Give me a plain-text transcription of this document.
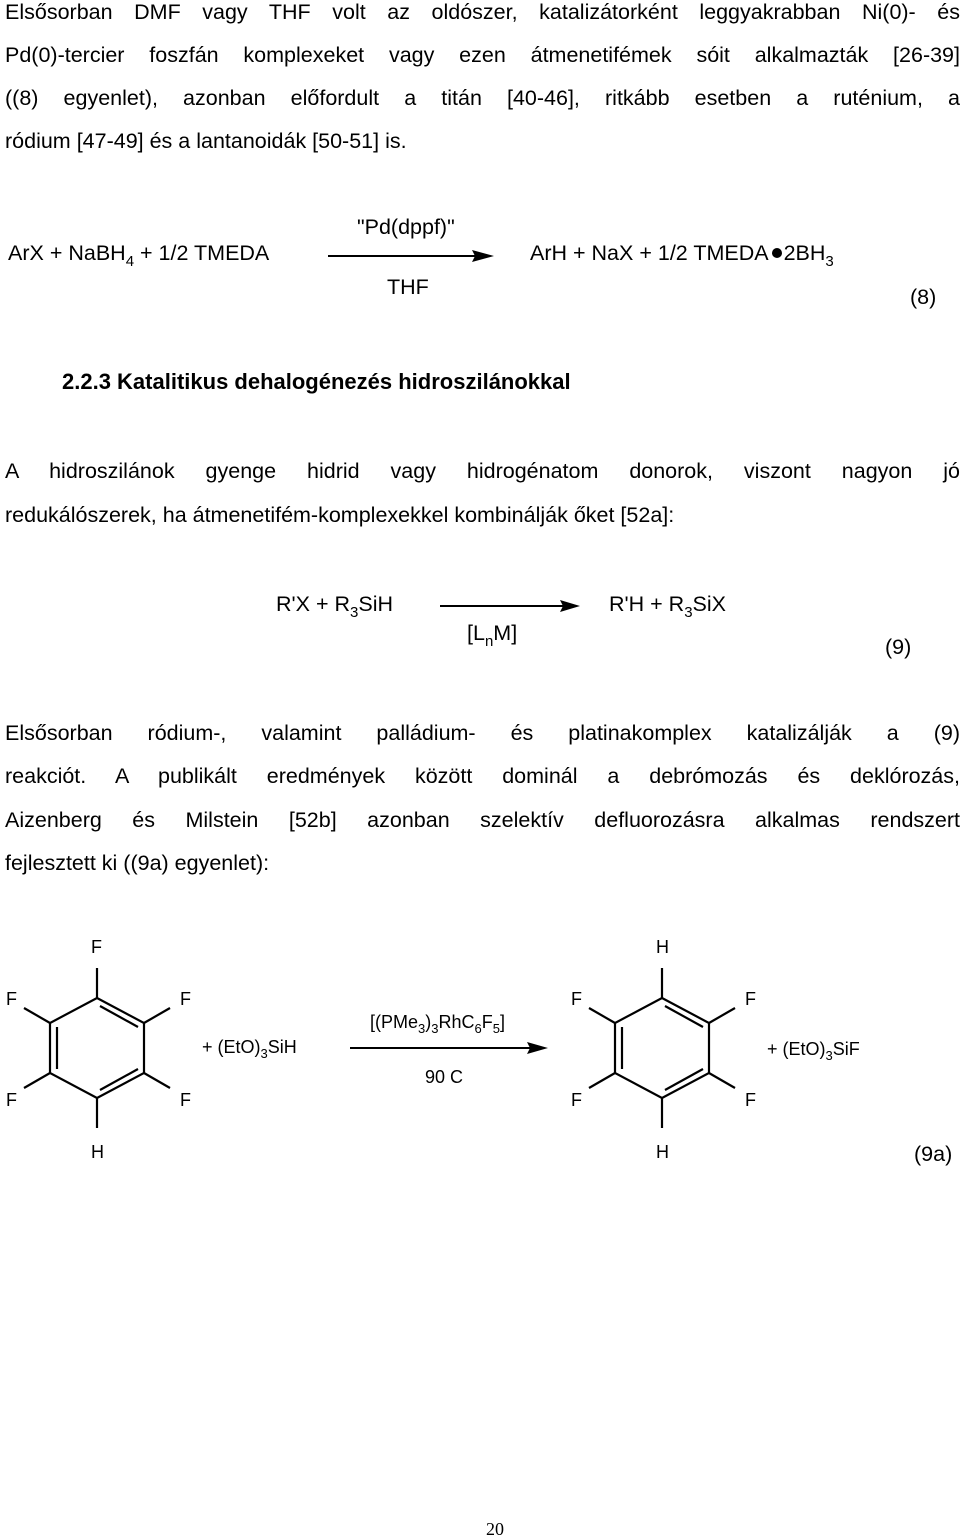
Elsősorban DMF vagy THF volt az oldószer, katalizátorként leggyakrabban Ni(0)- és
Pd(0)-tercier foszfán komplexeket vagy ezen átmenetifémek sóit alkalmazták [26-39]
((8) egyenlet), azonban előfordult a titán [40-46], ritkább esetben a ruténium, a
ródium [47-49] és a lantanoidák [50-51] is.
ArX + NaBH$_4$ + 1/2 TMEDA
"Pd(dppf)"
THF
ArH + NaX + 1/2 TMEDA $2BH_3$
(8)
2.2.3 Katalitikus dehalogénezés hidroszilánokkal
A hidroszilánok gyenge hidrid vagy hidrogénatom donorok, viszont nagyon jó
redukálószerek, ha átmenetifém-komplexekkel kombinálják őket [52a]:
$R'X + R_3SiH$
$[L_nM]$
$R'H + R_3SiX$
(9)
Elsősorban ródium-, valamint palládium- és platinakomplex katalizálják a (9)
reakciót. A publikált eredmények között dominál a debrómozás és deklórozás,
Aizenberg és Milstein [52b] azonban szelektív defluorozásra alkalmas rendszert
fejlesztett ki ((9a) egyenlet):
F
F	F
F	F
H
+ $(EtO)_3SiH$
$[(PMe_3)_3RhC_6F_5]$
90 C
H
F	F
F	F
H
+ $(EtO)_3SiF$
(9a)
20
